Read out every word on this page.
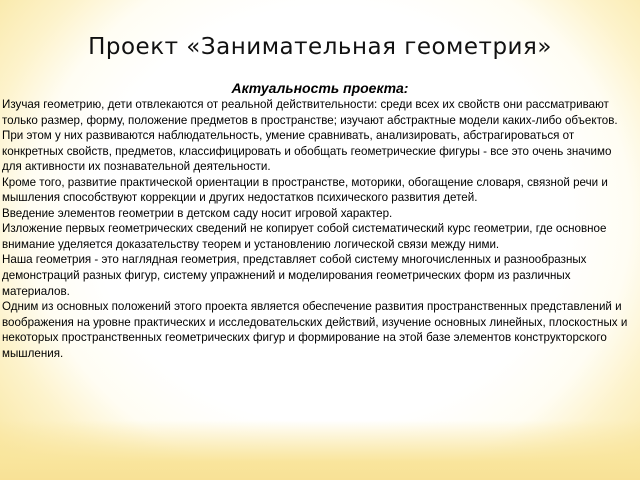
Проект «Занимательная геометрия»
Актуальность проекта:

Изучая геометрию, дети отвлекаются от реальной действительности: среди всех их свойств они рассматривают только размер, форму, положение предметов в пространстве; изучают абстрактные модели каких-либо объектов. При этом у них развиваются наблюдательность, умение сравнивать, анализировать, абстрагироваться от конкретных свойств, предметов, классифицировать и обобщать геометрические фигуры - все это очень значимо для активности их познавательной деятельности.

Кроме того, развитие практической ориентации в пространстве, моторики, обогащение словаря, связной речи и мышления способствуют коррекции и других недостатков психического развития детей.

Введение элементов геометрии в детском саду носит игровой характер.

Изложение первых геометрических сведений не копирует собой систематический курс геометрии, где основное внимание уделяется доказательству теорем и установлению логической связи между ними.

Наша геометрия - это наглядная геометрия, представляет собой систему многочисленных и разнообразных демонстраций разных фигур, систему упражнений и моделирования геометрических форм из различных материалов.

Одним из основных положений этого проекта является обеспечение развития пространственных представлений и воображения на уровне практических и исследовательских действий, изучение основных линейных, плоскостных и некоторых пространственных геометрических фигур и формирование на этой базе элементов конструкторского мышления.
